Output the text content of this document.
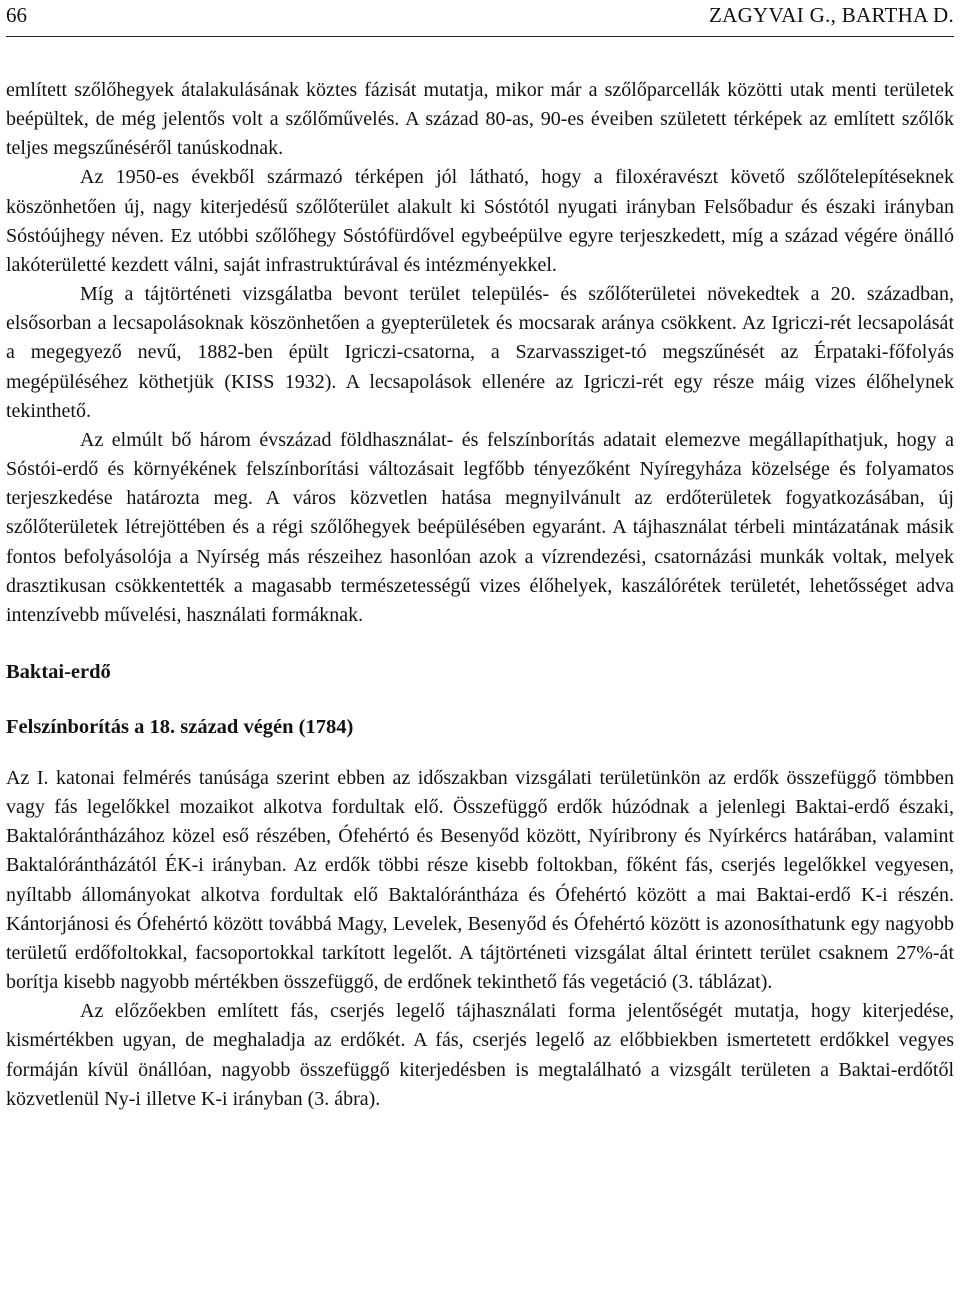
66	ZAGYVAI G., BARTHA D.

említett szőlőhegyek átalakulásának köztes fázisát mutatja, mikor már a szőlőparcellák közötti utak menti területek beépültek, de még jelentős volt a szőlőművelés. A század 80-as, 90-es éveiben született térképek az említett szőlők teljes megszűnéséről tanúskodnak.

Az 1950-es évekből származó térképen jól látható, hogy a filoxéravészt követő szőlőtelepítéseknek köszönhetően új, nagy kiterjedésű szőlőterület alakult ki Sóstótól nyugati irányban Felsőbadur és északi irányban Sóstóújhegy néven. Ez utóbbi szőlőhegy Sóstófürdővel egybeépülve egyre terjeszkedett, míg a század végére önálló lakóterületté kezdett válni, saját infrastruktúrával és intézményekkel.

Míg a tájtörténeti vizsgálatba bevont terület település- és szőlőterületei növekedtek a 20. században, elsősorban a lecsapolásoknak köszönhetően a gyepterületek és mocsarak aránya csökkent. Az Igriczi-rét lecsapolását a megegyező nevű, 1882-ben épült Igriczi-csatorna, a Szarvassziget-tó megszűnését az Érpataki-főfolyás megépüléséhez köthetjük (KISS 1932). A lecsapolások ellenére az Igriczi-rét egy része máig vizes élőhelynek tekinthető.

Az elmúlt bő három évszázad földhasználat- és felszínborítás adatait elemezve megállapíthatjuk, hogy a Sóstói-erdő és környékének felszínborítási változásait legfőbb tényezőként Nyíregyháza közelsége és folyamatos terjeszkedése határozta meg. A város közvetlen hatása megnyilvánult az erdőterületek fogyatkozásában, új szőlőterületek létrejöttében és a régi szőlőhegyek beépülésében egyaránt. A tájhasználat térbeli mintázatának másik fontos befolyásolója a Nyírség más részeihez hasonlóan azok a vízrendezési, csatornázási munkák voltak, melyek drasztikusan csökkentették a magasabb természetességű vizes élőhelyek, kaszálórétek területét, lehetősséget adva intenzívebb művelési, használati formáknak.

Baktai-erdő
Felszínborítás a 18. század végén (1784)

Az I. katonai felmérés tanúsága szerint ebben az időszakban vizsgálati területünkön az erdők összefüggő tömbben vagy fás legelőkkel mozaikot alkotva fordultak elő. Összefüggő erdők húzódnak a jelenlegi Baktai-erdő északi, Baktalórántházához közel eső részében, Ófehértó és Besenyőd között, Nyíribrony és Nyírkércs határában, valamint Baktalórántházától ÉK-i irányban. Az erdők többi része kisebb foltokban, főként fás, cserjés legelőkkel vegyesen, nyíltabb állományokat alkotva fordultak elő Baktalórántháza és Ófehértó között a mai Baktai-erdő K-i részén. Kántorjánosi és Ófehértó között továbbá Magy, Levelek, Besenyőd és Ófehértó között is azonosíthatunk egy nagyobb területű erdőfoltokkal, facsoportokkal tarkított legelőt. A tájtörténeti vizsgálat által érintett terület csaknem 27%-át borítja kisebb nagyobb mértékben összefüggő, de erdőnek tekinthető fás vegetáció (3. táblázat).

Az előzőekben említett fás, cserjés legelő tájhasználati forma jelentőségét mutatja, hogy kiterjedése, kismértékben ugyan, de meghaladja az erdőkét. A fás, cserjés legelő az előbbiekben ismertetett erdőkkel vegyes formáján kívül önállóan, nagyobb összefüggő kiterjedésben is megtalálható a vizsgált területen a Baktai-erdőtől közvetlenül Ny-i illetve K-i irányban (3. ábra).
